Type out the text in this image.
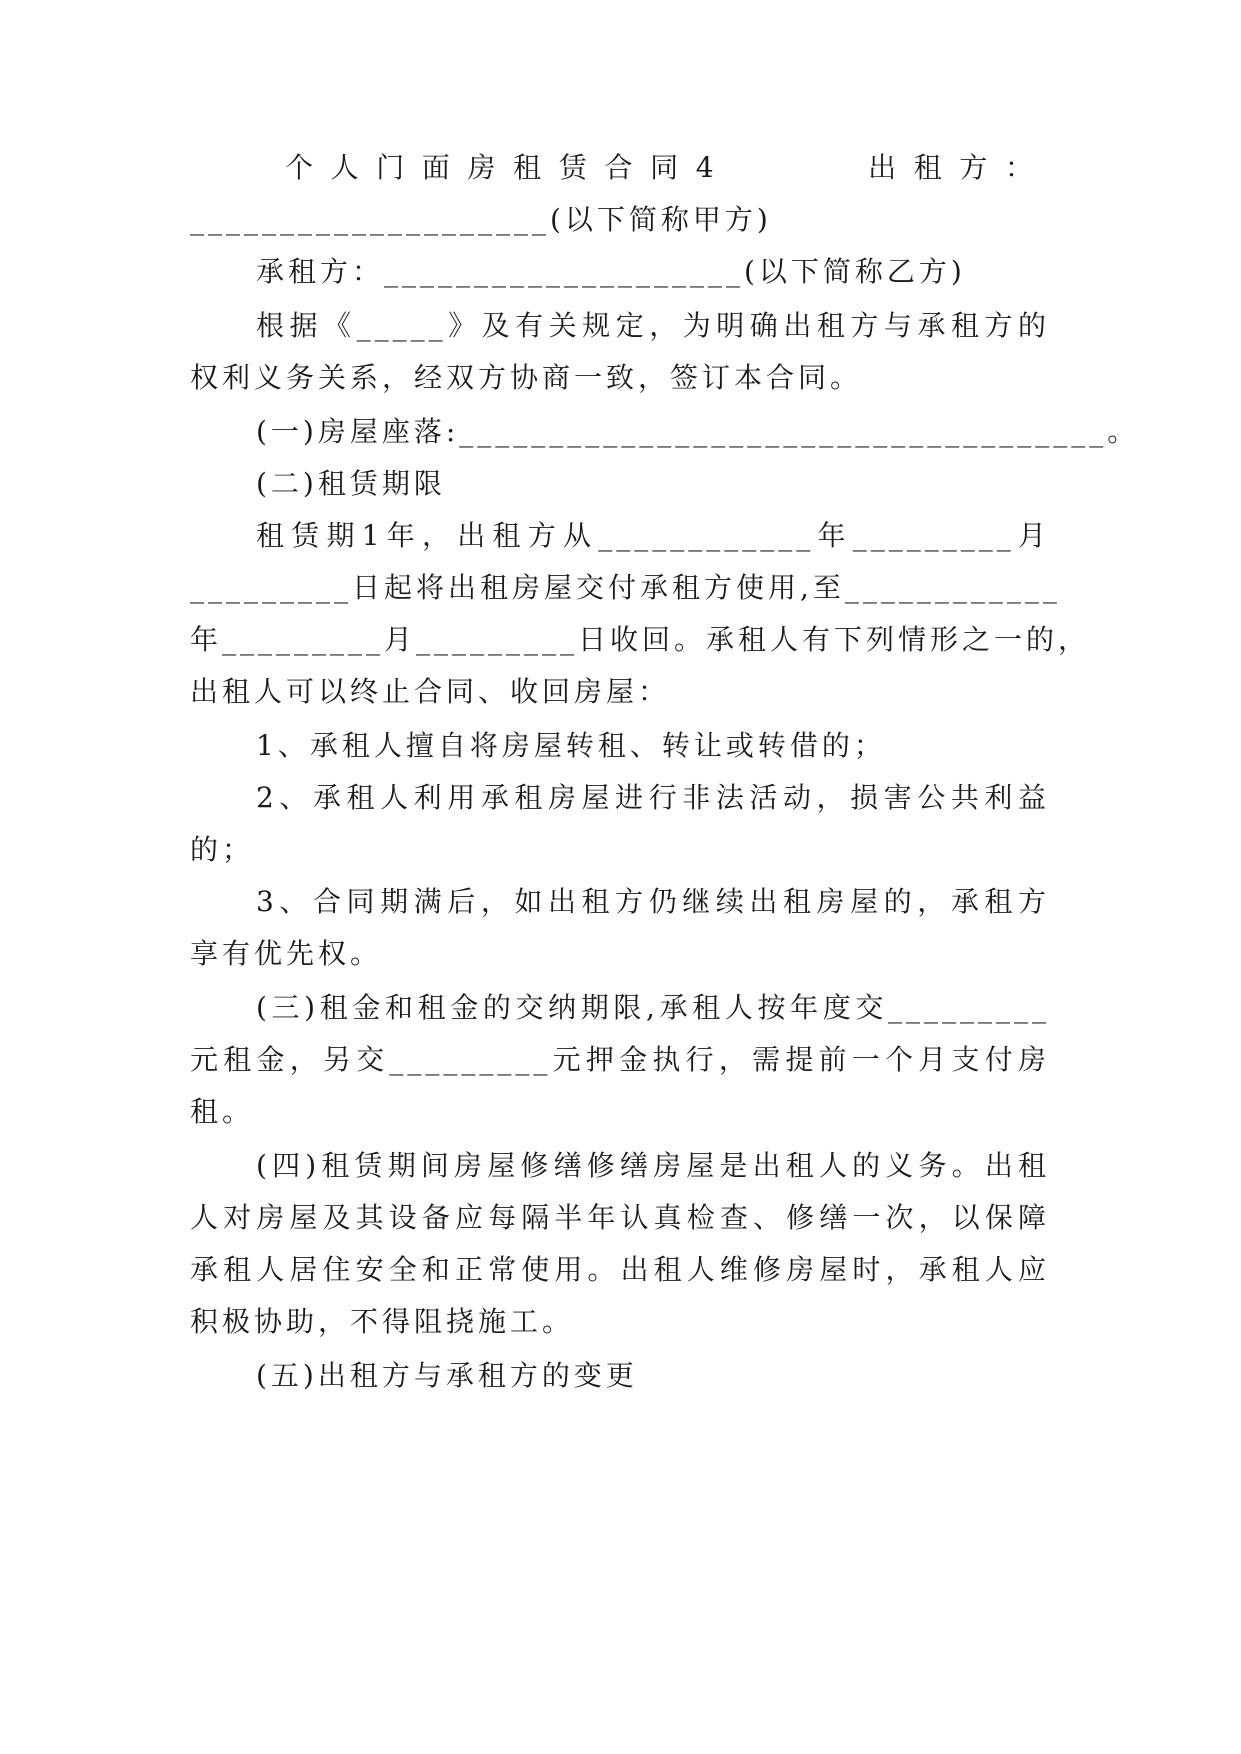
个人门面房租赁合同4　　　出租方：
____________________(以下简称甲方)
承租方：____________________(以下简称乙方)
根据《_____》及有关规定，为明确出租方与承租方的
权利义务关系，经双方协商一致，签订本合同。
(一)房屋座落:____________________________________。
(二)租赁期限
租赁期1年，出租方从____________年_________月
_________日起将出租房屋交付承租方使用,至____________
年_________月_________日收回。承租人有下列情形之一的，
出租人可以终止合同、收回房屋：
1、承租人擅自将房屋转租、转让或转借的；
2、承租人利用承租房屋进行非法活动，损害公共利益
的；
3、合同期满后，如出租方仍继续出租房屋的，承租方
享有优先权。
(三)租金和租金的交纳期限,承租人按年度交_________
元租金，另交_________元押金执行，需提前一个月支付房
租。
(四)租赁期间房屋修缮修缮房屋是出租人的义务。出租
人对房屋及其设备应每隔半年认真检查、修缮一次，以保障
承租人居住安全和正常使用。出租人维修房屋时，承租人应
积极协助，不得阻挠施工。
(五)出租方与承租方的变更
